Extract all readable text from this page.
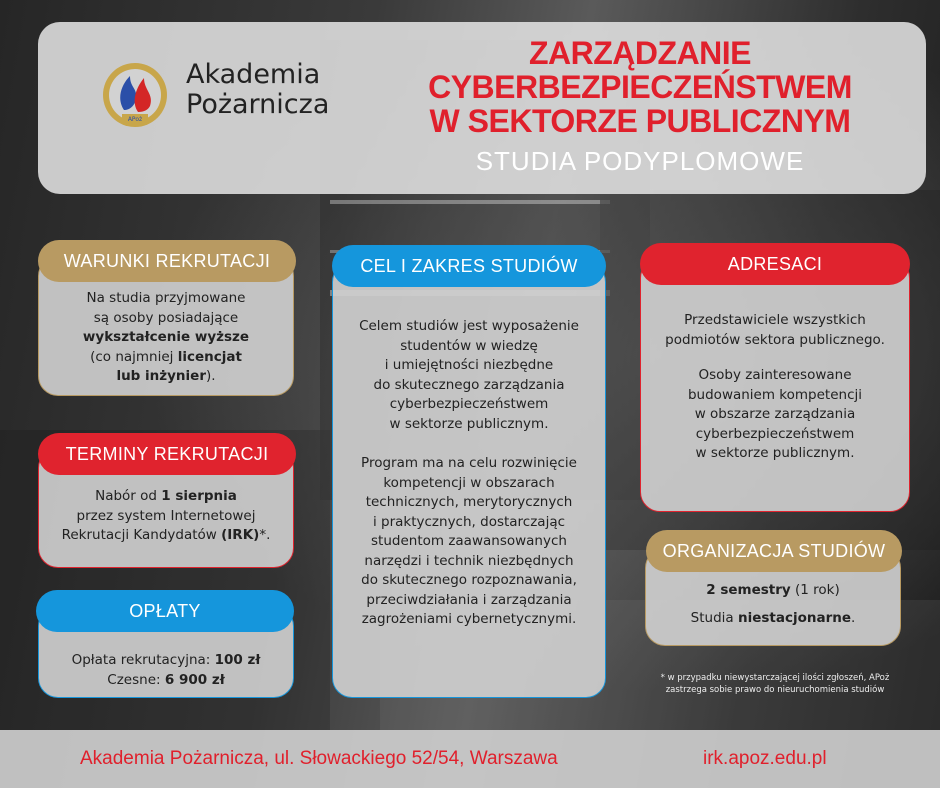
APoż
Akademia
Pożarnicza
ZARZĄDZANIE
CYBERBEZPIECZEŃSTWEM
W SEKTORZE PUBLICZNYM
STUDIA PODYPLOMOWE
Na studia przyjmowane
są osoby posiadające
wykształcenie wyższe
(co najmniej licencjat
lub inżynier).
WARUNKI REKRUTACJI
Nabór od 1 sierpnia
przez system Internetowej
Rekrutacji Kandydatów (IRK)*.
TERMINY REKRUTACJI
Opłata rekrutacyjna: 100 zł
Czesne: 6 900 zł
OPŁATY
Celem studiów jest wyposażenie
studentów w wiedzę
i umiejętności niezbędne
do skutecznego zarządzania
cyberbezpieczeństwem
w sektorze publicznym.
Program ma na celu rozwinięcie
kompetencji w obszarach
technicznych, merytorycznych
i praktycznych, dostarczając
studentom zaawansowanych
narzędzi i technik niezbędnych
do skutecznego rozpoznawania,
przeciwdziałania i zarządzania
zagrożeniami cybernetycznymi.
CEL I ZAKRES STUDIÓW
Przedstawiciele wszystkich
podmiotów sektora publicznego.
Osoby zainteresowane
budowaniem kompetencji
w obszarze zarządzania
cyberbezpieczeństwem
w sektorze publicznym.
ADRESACI
2 semestry (1 rok)
Studia niestacjonarne.
ORGANIZACJA STUDIÓW
* w przypadku niewystarczającej ilości zgłoszeń, APoż
zastrzega sobie prawo do nieuruchomienia studiów
Akademia Pożarnicza, ul. Słowackiego 52/54, Warszawa	irk.apoz.edu.pl
